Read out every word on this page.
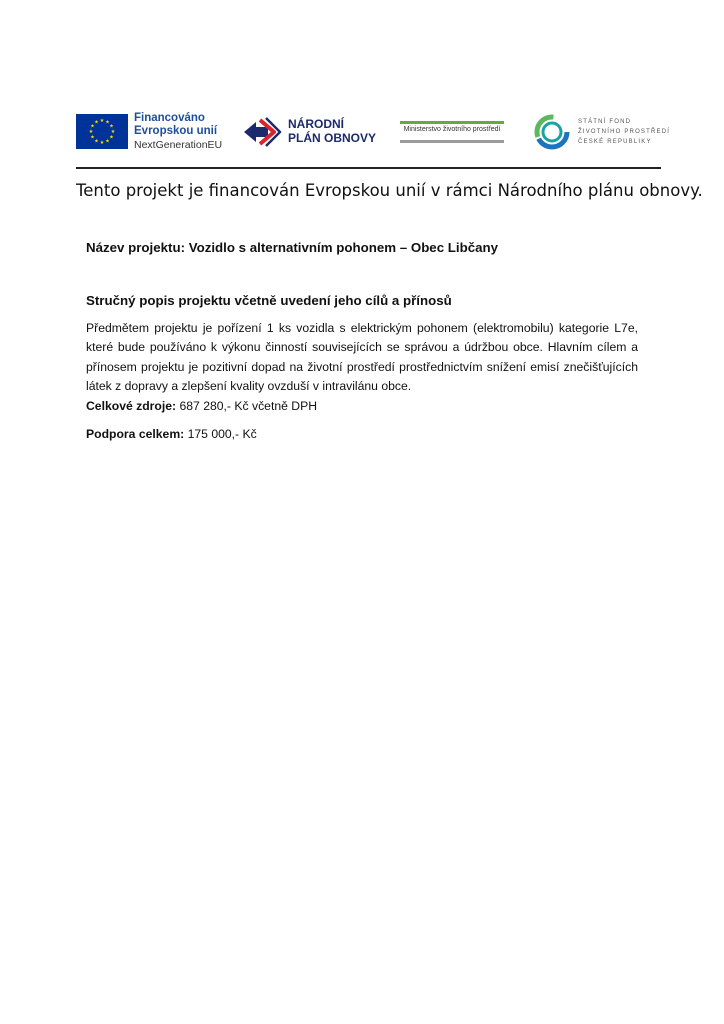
★ ★
★
★
★
★
★
★
★
★
★
★	Financováno
Evropskou unií
NextGenerationEU
NÁRODNÍ
PLÁN OBNOVY
Ministerstvo životního prostředí
STÁTNÍ FOND
ŽIVOTNÍHO PROSTŘEDÍ
ČESKÉ REPUBLIKY
Tento projekt je financován Evropskou unií v rámci Národního plánu obnovy.
Název projektu: Vozidlo s alternativním pohonem – Obec Libčany
Stručný popis projektu včetně uvedení jeho cílů a přínosů
Předmětem projektu je pořízení 1 ks vozidla s elektrickým pohonem (elektromobilu) kategorie L7e, které bude používáno k výkonu činností souvisejících se správou a údržbou obce. Hlavním cílem a přínosem projektu je pozitivní dopad na životní prostředí prostřednictvím snížení emisí znečišťujících látek z dopravy a zlepšení kvality ovzduší v intravilánu obce.
Celkové zdroje: 687 280,- Kč včetně DPH
Podpora celkem: 175 000,- Kč
